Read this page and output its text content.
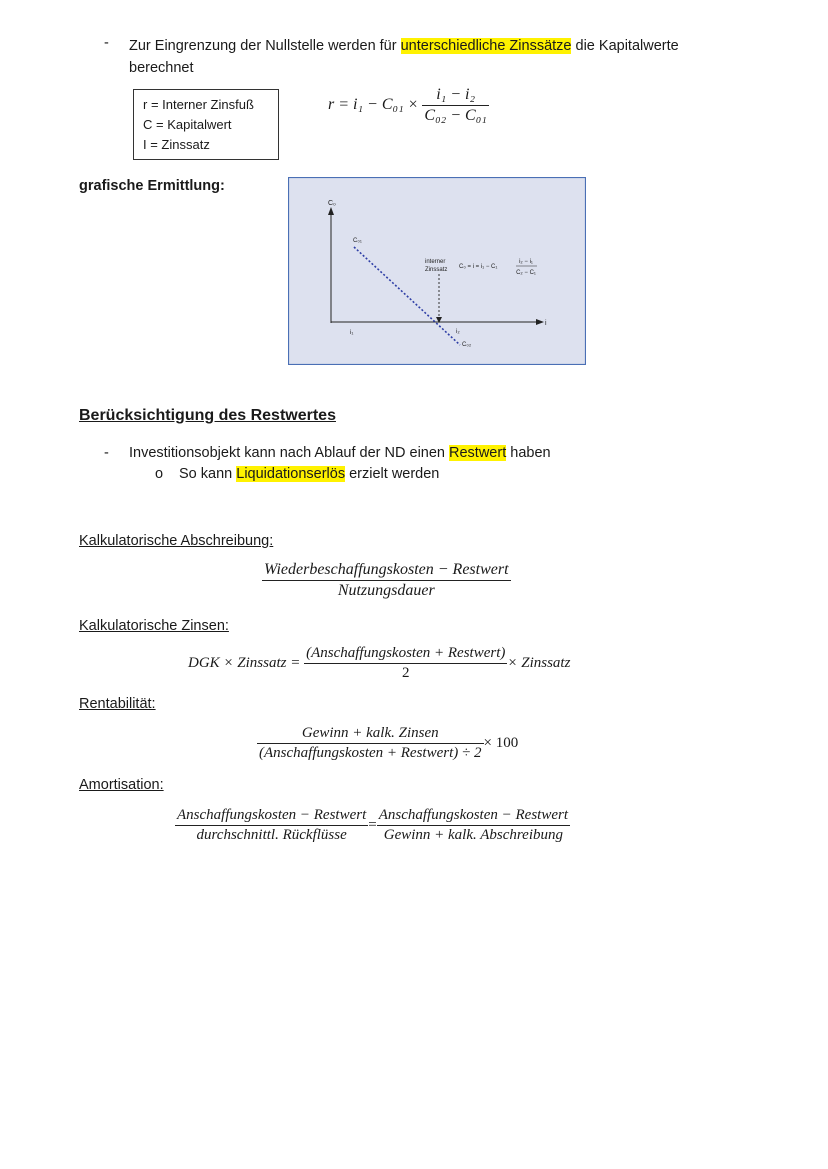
- Zur Eingrenzung der Nullstelle werden für unterschiedliche Zinssätze die Kapitalwerte
berechnet
r = Interner Zinsfuß
C = Kapitalwert
I = Zinssatz
$r = i_1 - C_{01} \times \frac{\text{i₁ − i₂}}{\text{C₀₂ − C₀₁}}$
grafische Ermittlung:
C₀
i
C₀₁
C₀₂
i₁	i₂
interner
Zinssatz C₀ = i = i₁ − C₁
i₂ − i₁
C₂ − C₁
Berücksichtigung des Restwertes
- Investitionsobjekt kann nach Ablauf der ND einen Restwert haben
o So kann Liquidationserlös erzielt werden
Kalkulatorische Abschreibung:
$\frac{\text{Wiederbeschaffungskosten − Restwert}}{\text{Nutzungsdauer}}$
Kalkulatorische Zinsen:
DGK × Zinssatz = $\frac{\text{(Anschaffungskosten + Restwert)}}{2}$ × Zinssatz
Rentabilität:
$\frac{\text{Gewinn + kalk. Zinsen}}{\text{(Anschaffungskosten + Restwert) ÷ 2}} \times 100$
Amortisation:
$\frac{\text{Anschaffungskosten − Restwert}}{\text{durchschnittl. Rückflüsse}} = \frac{\text{Anschaffungskosten − Restwert}}{\text{Gewinn + kalk. Abschreibung}}$
